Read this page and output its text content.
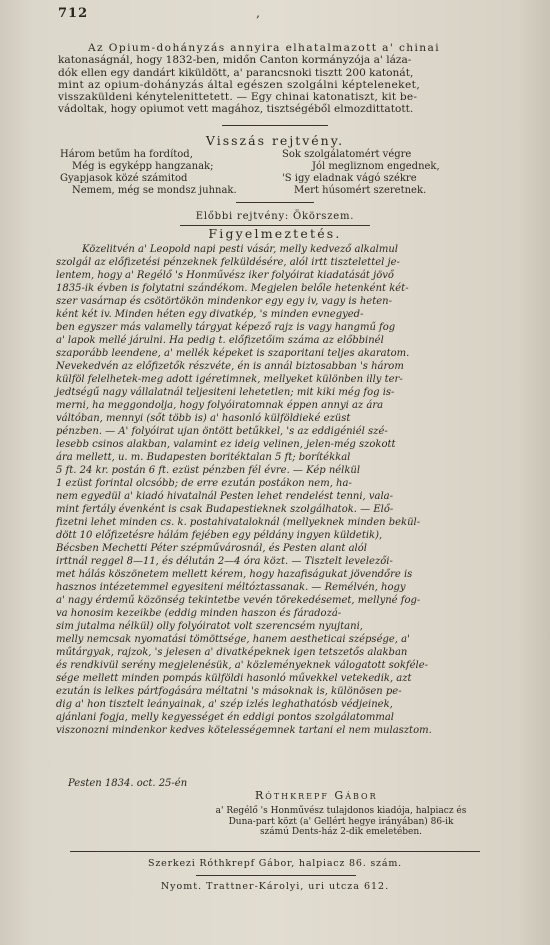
712	‚
Az Opium-dohányzás annyira elhatalmazott a' chinai
katonaságnál, hogy 1832-ben, midőn Canton kormányzója a' láza-
dók ellen egy dandárt kiküldött, a' parancsnoki tisztt 200 katonát,
mint az opium-dohányzás által egészen szolgálni képteleneket,
visszaküldeni kénytelenittetett. — Egy chinai katonatiszt, kit be-
vádoltak, hogy opiumot vett magához, tisztségéből elmozdittatott.
Visszás rejtvény.
Három betűm ha fordítod,
Még is egyképp hangzanak;
Gyapjasok közé számitod
Nemem, még se mondsz juhnak.
Sok szolgálatomért végre
Jól megliznom engednek,
'S igy eladnak vágó székre
Mert húsomért szeretnek.
Előbbi rejtvény: Ökörszem.
Figyelmeztetés.
Közelitvén a' Leopold napi pesti vásár, melly kedvező alkalmul
szolgál az előfizetési pénzeknek felküldésére, alól irtt tisztelettel je-
lentem, hogy a' Regélő 's Honművész iker folyóirat kiadatását jövő
1835-ik évben is folytatni szándékom. Megjelen belőle hetenként két-
szer vasárnap és csötörtökön mindenkor egy egy iv, vagy is heten-
ként két iv. Minden héten egy divatkép, 's minden evnegyed-
ben egyszer más valamelly tárgyat képező rajz is vagy hangmű fog
a' lapok mellé járulni. Ha pedig t. előfizetőim száma az előbbinél
szaporább leendene, a' mellék képeket is szaporitani teljes akaratom.
Nevekedvén az előfizetők részvéte, én is annál biztosabban 's három
külföl felelhetek-meg adott igéretimnek, mellyeket különben illy ter-
jedtségű nagy vállalatnál teljesiteni lehetetlen; mit kiki még fog is-
merni, ha meggondolja, hogy folyóiratomnak éppen annyi az ára
váltóban, mennyi (sőt több is) a' hasonló külföldieké ezüst
pénzben. — A' folyóirat ujan öntött betűkkel, 's az eddigéniél szé-
lesebb csinos alakban, valamint ez ideig velinen, jelen-még szokott
ára mellett, u. m. Budapesten boritéktalan 5 ft; borítékkal
5 ft. 24 kr. postán 6 ft. ezüst pénzben fél évre. — Kép nélkül
1 ezüst forintal olcsóbb; de erre ezután postákon nem, ha-
nem egyedül a' kiadó hivatalnál Pesten lehet rendelést tenni, vala-
mint fertály évenként is csak Budapestieknek szolgálhatok. — Elő-
fizetni lehet minden cs. k. postahivataloknál (mellyeknek minden bekül-
dött 10 előfizetésre hálám fejében egy példány ingyen küldetik),
Bécsben Mechetti Péter szépművárosnál, és Pesten alant alól
irttnál reggel 8—11, és délután 2—4 óra közt. — Tisztelt levelezői-
met hálás köszönetem mellett kérem, hogy hazafiságukat jövendőre is
hasznos intézetemmel egyesiteni méltóztassanak. — Remélvén, hogy
a' nagy érdemű közönség tekintetbe vevén törekedésemet, mellyné fog-
va honosim kezeikbe (eddig minden haszon és fáradozá-
sim jutalma nélkül) olly folyóiratot volt szerencsém nyujtani,
melly nemcsak nyomatási tömöttsége, hanem aestheticai szépsége, a'
műtárgyak, rajzok, 's jelesen a' divatképeknek igen tetszetős alakban
és rendkivül serény megjelenésük, a' közleményeknek válogatott sokféle-
sége mellett minden pompás külföldi hasonló művekkel vetekedik, azt
ezután is lelkes pártfogására méltatni 's másoknak is, különösen pe-
dig a' hon tisztelt leányainak, a' szép izlés leghathatósb védjeinek,
ajánlani fogja, melly kegyességet én eddigi pontos szolgálatommal
viszonozni mindenkor kedves kötelességemnek tartani el nem mulasztom.
Pesten 1834. oct. 25-én
Róthkrepf Gábor
a' Regélő 's Honművész tulajdonos kiadója, halpiacz és
Duna-part közt (a' Gellért hegye irányában) 86-ik
számú Dents-ház 2-dik emeletében.
Szerkezi Róthkrepf Gábor, halpiacz 86. szám.
Nyomt. Trattner-Károlyi, uri utcza 612.
